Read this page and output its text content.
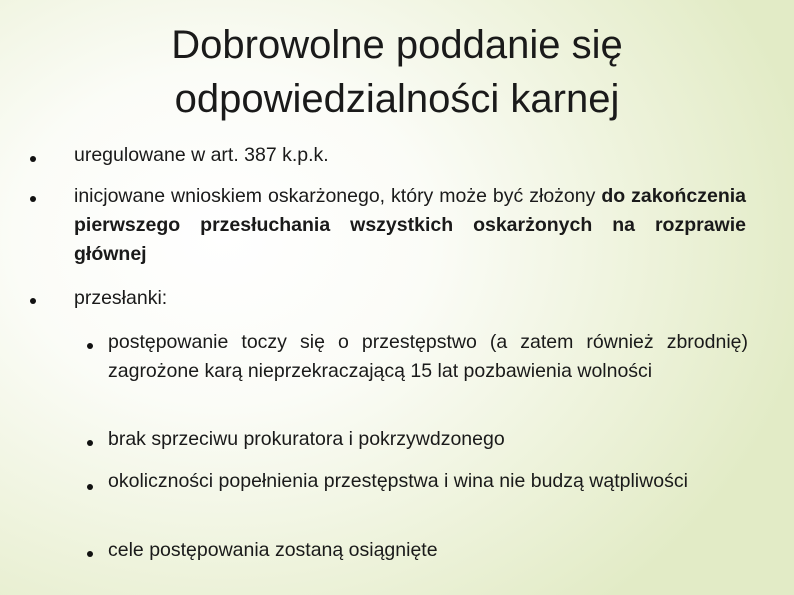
Dobrowolne poddanie się
odpowiedzialności karnej

uregulowane w art. 387 k.p.k.

inicjowane wnioskiem oskarżonego, który może być złożony do zakończenia pierwszego przesłuchania wszystkich oskarżonych na rozprawie głównej

przesłanki:

postępowanie toczy się o przestępstwo (a zatem również zbrodnię) zagrożone karą nieprzekraczającą 15 lat pozbawienia wolności

brak sprzeciwu prokuratora i pokrzywdzonego

okoliczności popełnienia przestępstwa i wina nie budzą wątpliwości

cele postępowania zostaną osiągnięte
